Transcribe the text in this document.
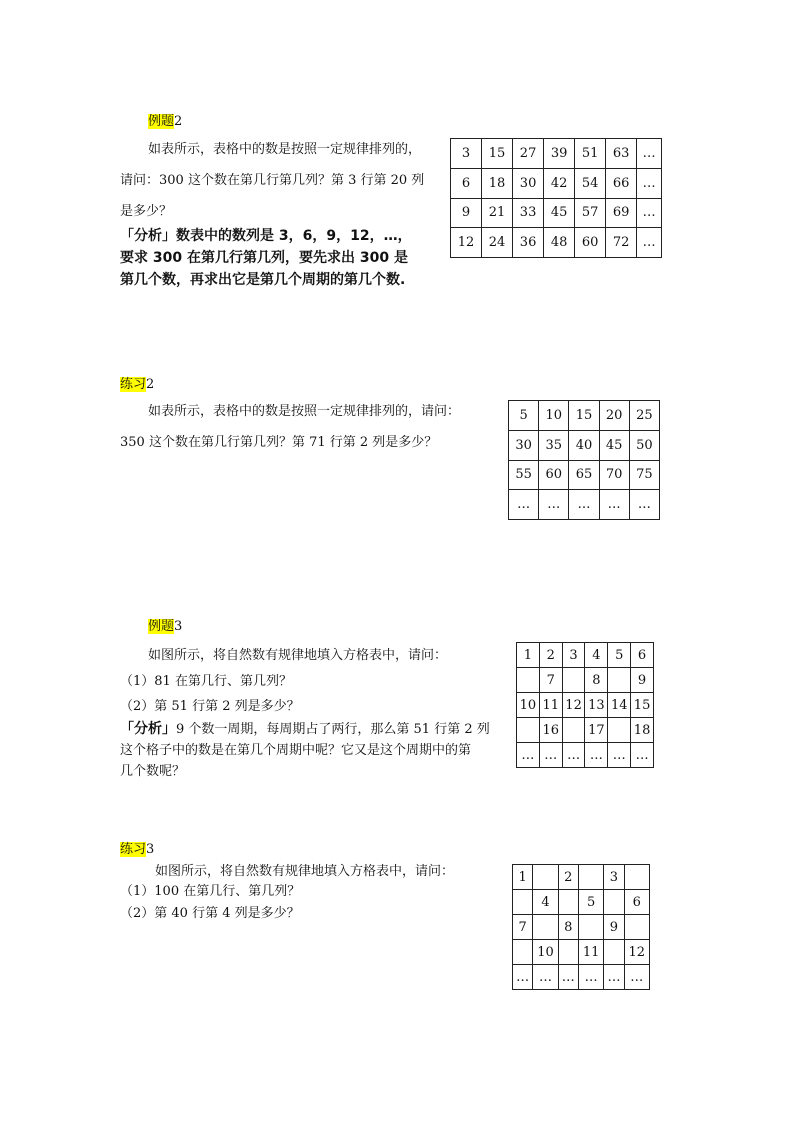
例题2
如表所示，表格中的数是按照一定规律排列的，
请问：300 这个数在第几行第几列？第 3 行第 20 列
是多少？
「分析」数表中的数列是 3，6，9，12，…，
要求 300 在第几行第几列，要先求出 300 是
第几个数，再求出它是第几个周期的第几个数.
3	15	27	39	51	63	…
6	18	30	42	54	66	…
9	21	33	45	57	69	…
12	24	36	48	60	72	…
练习2
如表所示，表格中的数是按照一定规律排列的，请问：
350 这个数在第几行第几列？第 71 行第 2 列是多少？
5	10	15	20	25
30	35	40	45	50
55	60	65	70	75
…	…	…	…	…
例题3
如图所示，将自然数有规律地填入方格表中，请问：
（1）81 在第几行、第几列？
（2）第 51 行第 2 列是多少？
「分析」9 个数一周期，每周期占了两行，那么第 51 行第 2 列
这个格子中的数是在第几个周期中呢？它又是这个周期中的第
几个数呢？
1	2	3	4	5	6
	7		8		9
10	11	12	13	14	15
	16		17		18
…	…	…	…	…	…
练习3
如图所示，将自然数有规律地填入方格表中，请问：
（1）100 在第几行、第几列？
（2）第 40 行第 4 列是多少？
1		2		3	
	4		5		6
7		8		9	
	10		11		12
…	…	…	…	…	…
